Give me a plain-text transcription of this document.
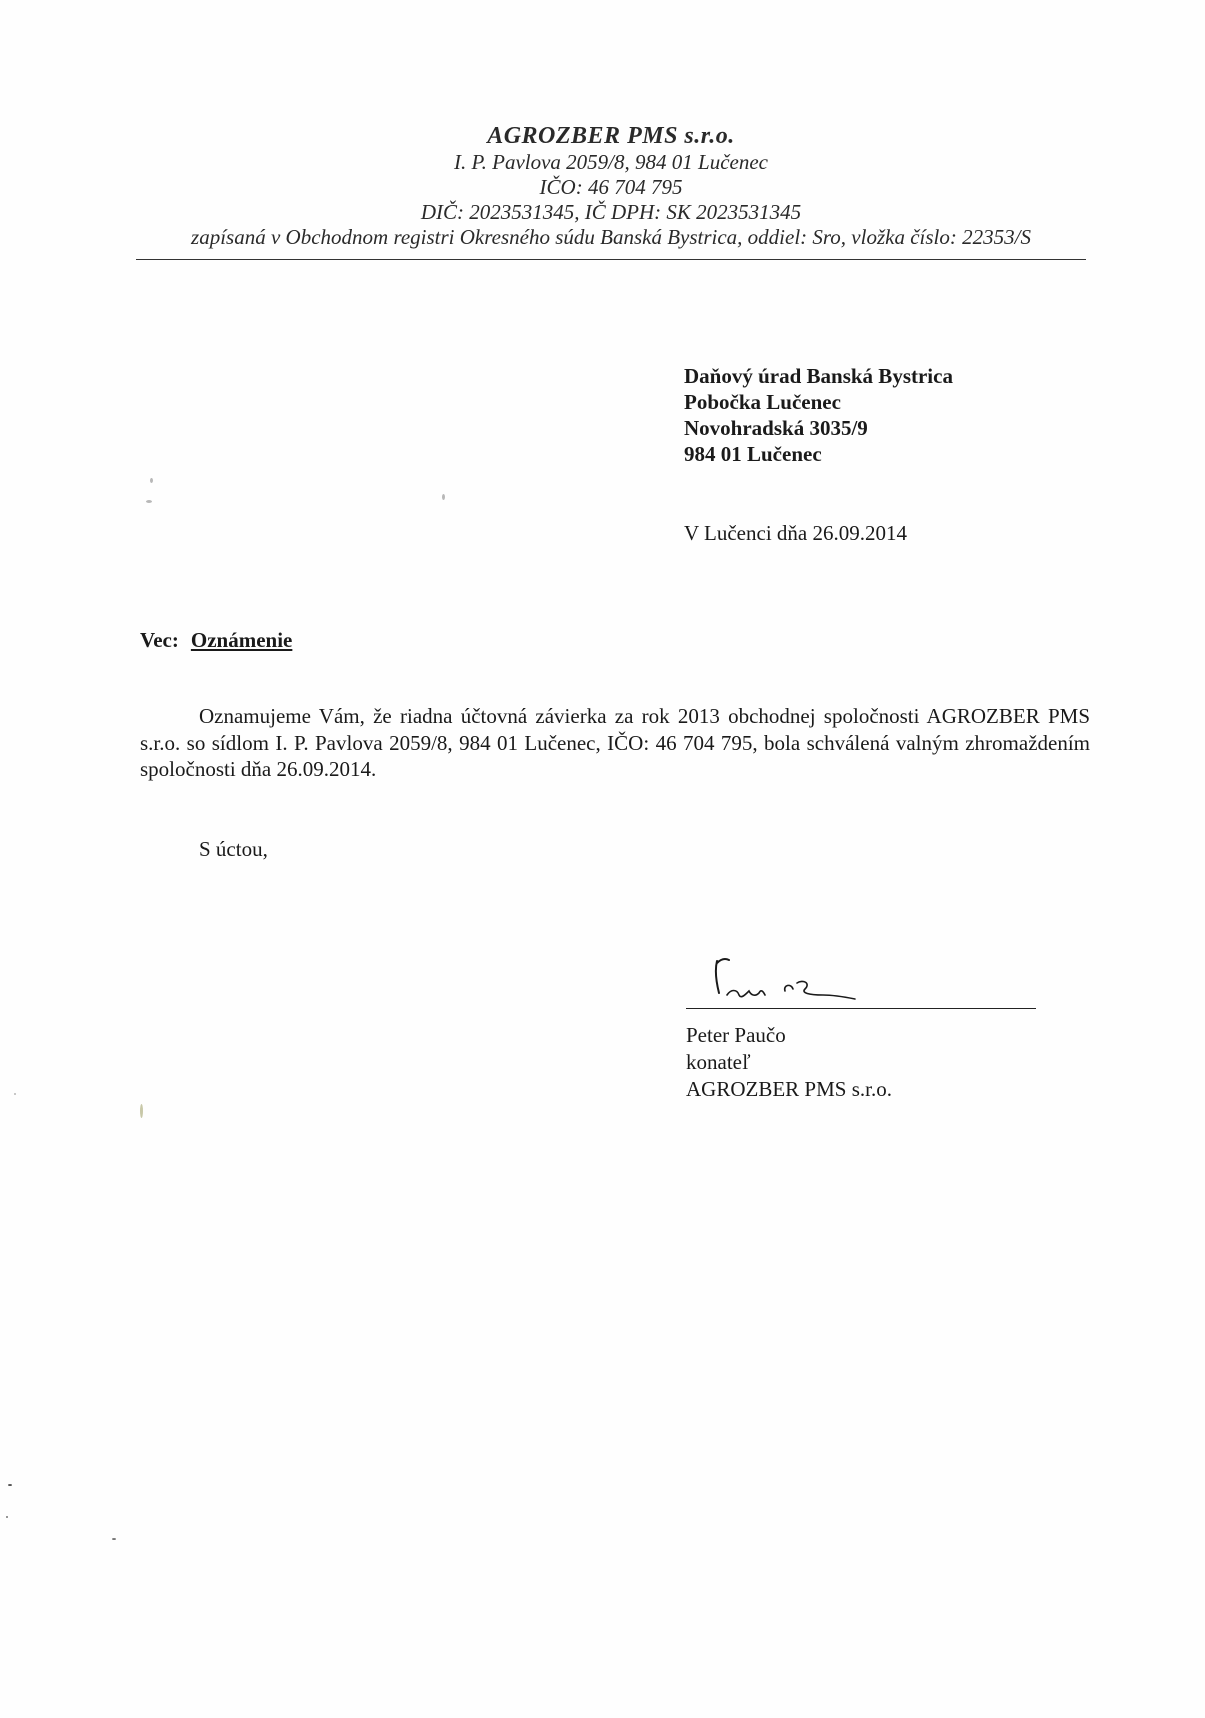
AGROZBER PMS s.r.o.
I. P. Pavlova 2059/8, 984 01 Lučenec
IČO: 46 704 795
DIČ: 2023531345, IČ DPH: SK 2023531345
zapísaná v Obchodnom registri Okresného súdu Banská Bystrica, oddiel: Sro, vložka číslo: 22353/S
Daňový úrad Banská Bystrica
Pobočka Lučenec
Novohradská 3035/9
984 01 Lučenec
V Lučenci dňa 26.09.2014
Vec: Oznámenie
Oznamujeme Vám, že riadna účtovná závierka za rok 2013 obchodnej spoločnosti AGROZBER PMS s.r.o. so sídlom I. P. Pavlova 2059/8, 984 01 Lučenec, IČO: 46 704 795, bola schválená valným zhromaždením spoločnosti dňa 26.09.2014.
S úctou,
Peter Paučo
konateľ
AGROZBER PMS s.r.o.
